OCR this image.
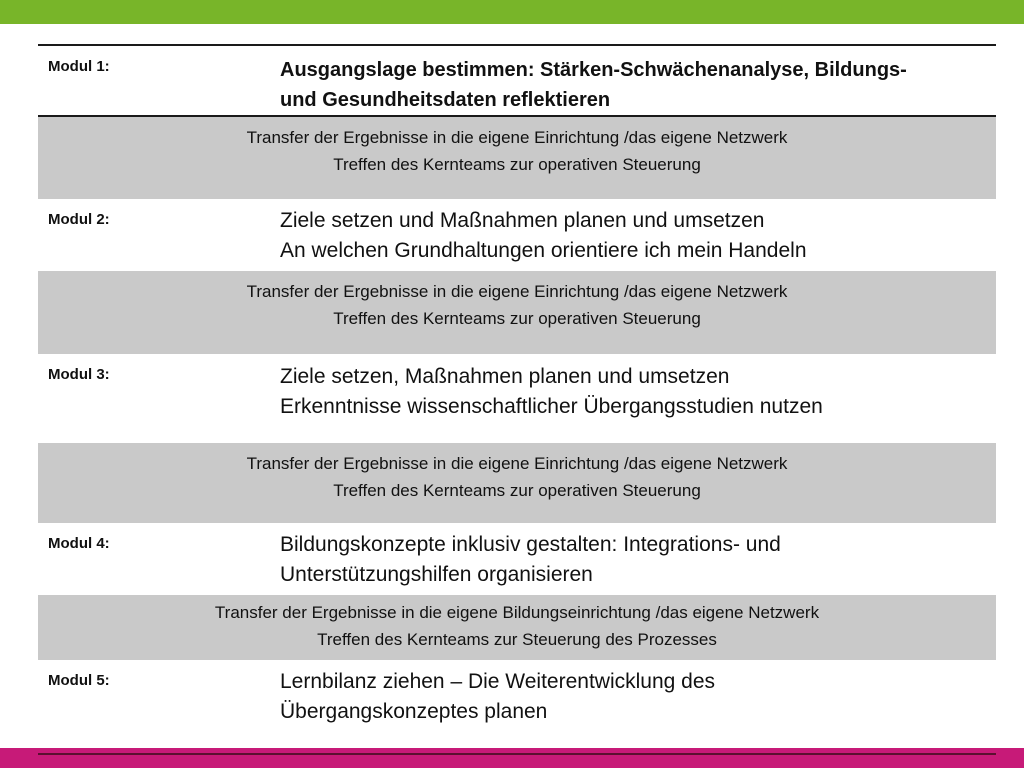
Modul 1:	Ausgangslage bestimmen: Stärken-Schwächenanalyse, Bildungs-
und Gesundheitsdaten reflektieren
Transfer der Ergebnisse in die eigene Einrichtung /das eigene Netzwerk
Treffen des Kernteams zur operativen Steuerung
Modul 2:	Ziele setzen und Maßnahmen planen und umsetzen
An welchen Grundhaltungen orientiere ich mein Handeln
Transfer der Ergebnisse in die eigene Einrichtung /das eigene Netzwerk
Treffen des Kernteams zur operativen Steuerung
Modul 3:	Ziele setzen, Maßnahmen planen und umsetzen
Erkenntnisse wissenschaftlicher Übergangsstudien nutzen
Transfer der Ergebnisse in die eigene Einrichtung /das eigene Netzwerk
Treffen des Kernteams zur operativen Steuerung
Modul 4:	Bildungskonzepte inklusiv gestalten: Integrations- und
Unterstützungshilfen organisieren
Transfer der Ergebnisse in die eigene Bildungseinrichtung /das eigene Netzwerk
Treffen des Kernteams zur Steuerung des Prozesses
Modul 5:	Lernbilanz ziehen – Die Weiterentwicklung des
Übergangskonzeptes planen
